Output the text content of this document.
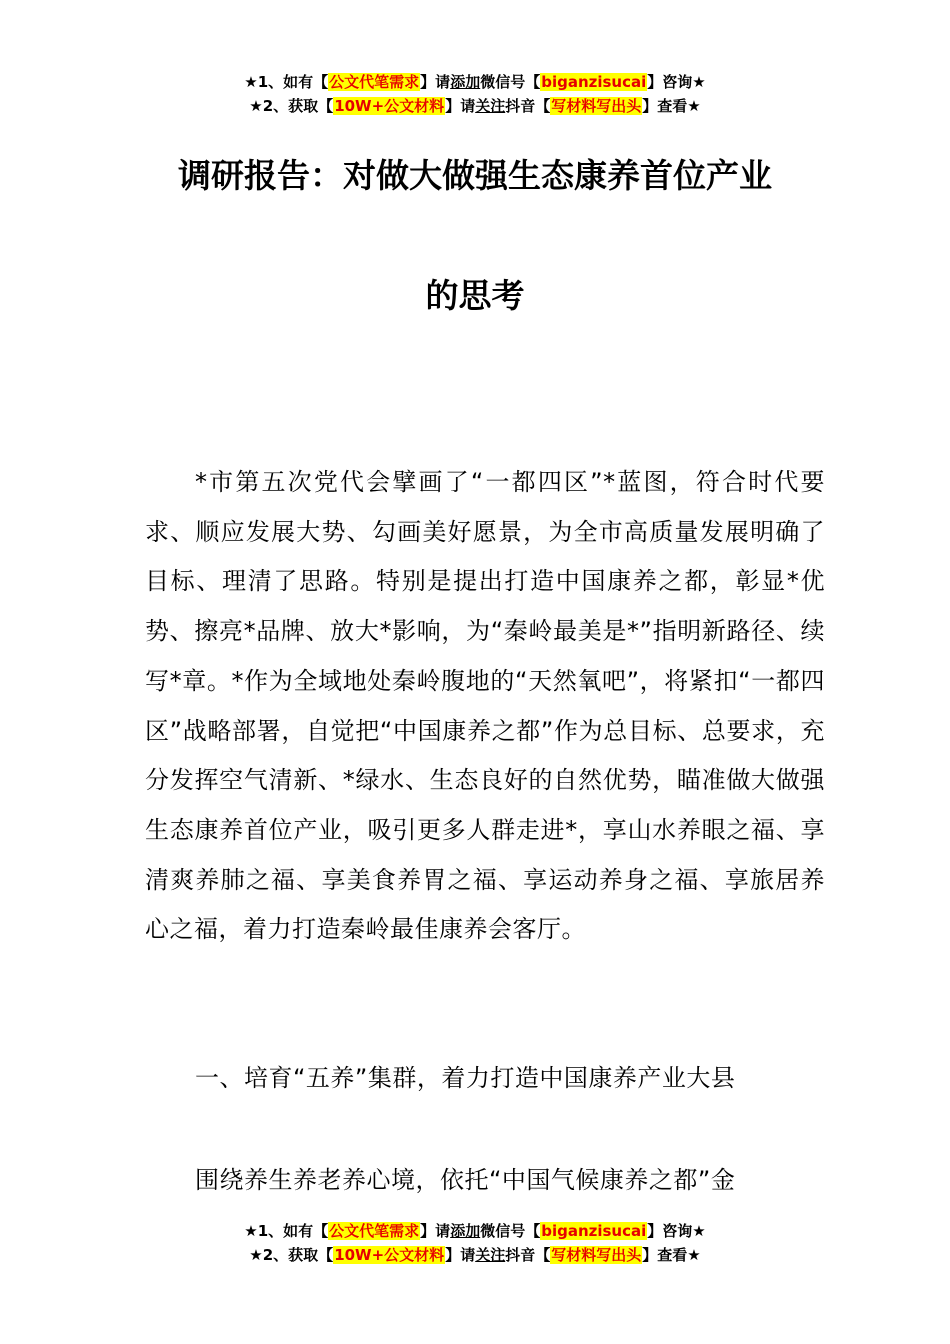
★1、如有【公文代笔需求】请添加微信号【biganzisucai】咨询★
★2、获取【10W+公文材料】请关注抖音【写材料写出头】查看★
调研报告：对做大做强生态康养首位产业
的思考
*市第五次党代会擘画了“一都四区”*蓝图，符合时代要求、顺应发展大势、勾画美好愿景，为全市高质量发展明确了目标、理清了思路。特别是提出打造中国康养之都，彰显*优势、擦亮*品牌、放大*影响，为“秦岭最美是*”指明新路径、续写*章。*作为全域地处秦岭腹地的“天然氧吧”，将紧扣“一都四区”战略部署，自觉把“中国康养之都”作为总目标、总要求，充分发挥空气清新、*绿水、生态良好的自然优势，瞄准做大做强生态康养首位产业，吸引更多人群走进*，享山水养眼之福、享清爽养肺之福、享美食养胃之福、享运动养身之福、享旅居养心之福，着力打造秦岭最佳康养会客厅。
一、培育“五养”集群，着力打造中国康养产业大县
围绕养生养老养心境，依托“中国气候康养之都”金
★1、如有【公文代笔需求】请添加微信号【biganzisucai】咨询★
★2、获取【10W+公文材料】请关注抖音【写材料写出头】查看★
